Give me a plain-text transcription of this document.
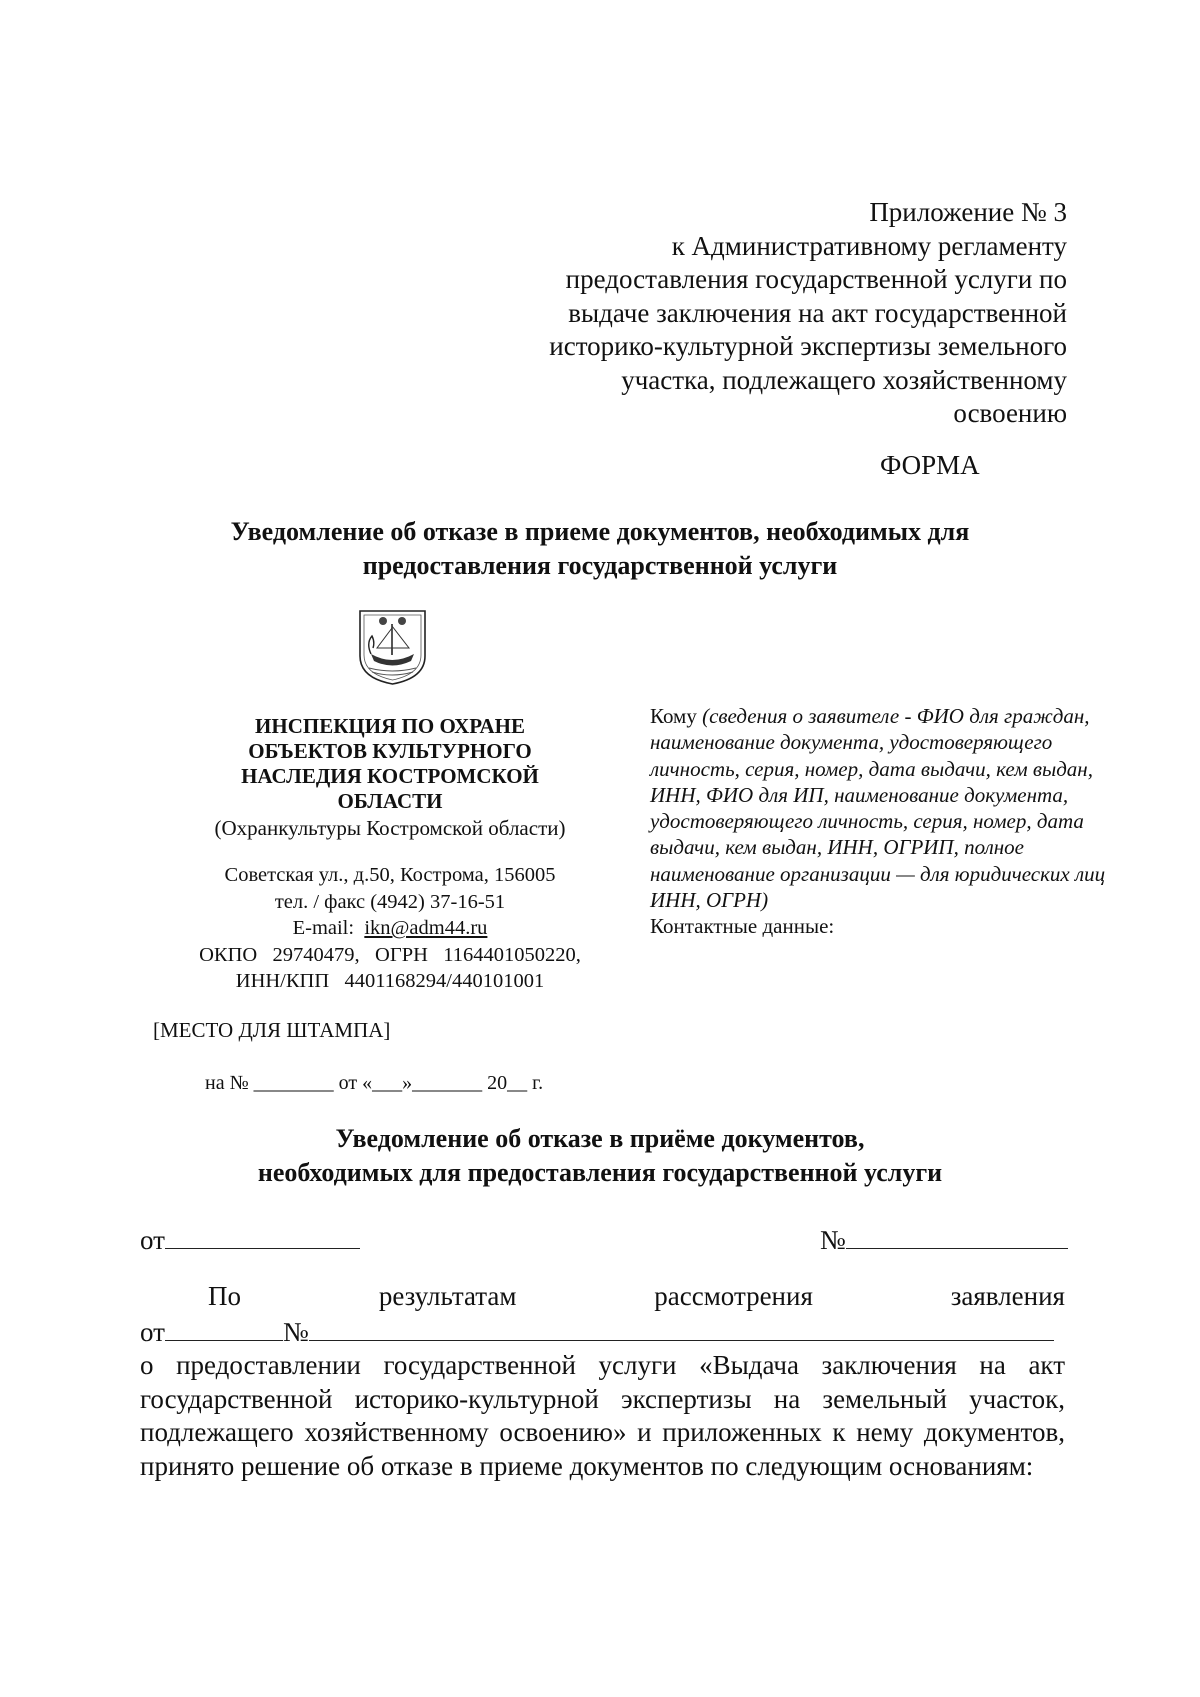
Приложение № 3
к Административному регламенту
предоставления государственной услуги по
выдаче заключения на акт государственной
историко-культурной экспертизы земельного
участка, подлежащего хозяйственному
освоению
ФОРМА
Уведомление об отказе в приеме документов, необходимых для
предоставления государственной услуги
ИНСПЕКЦИЯ ПО ОХРАНЕ
ОБЪЕКТОВ КУЛЬТУРНОГО
НАСЛЕДИЯ КОСТРОМСКОЙ
ОБЛАСТИ
(Охранкультуры Костромской области)
Советская ул., д.50, Кострома, 156005
тел. / факс (4942) 37-16-51
E-mail: ikn@adm44.ru
ОКПО   29740479,   ОГРН   1164401050220,
ИНН/КПП   4401168294/440101001
Кому (сведения о заявителе - ФИО для граждан, наименование документа, удостоверяющего личность, серия, номер, дата выдачи, кем выдан, ИНН, ФИО для ИП, наименование документа, удостоверяющего личность, серия, номер, дата выдачи, кем выдан, ИНН, ОГРИП, полное наименование организации — для юридических лиц ИНН, ОГРН)
Контактные данные:
[МЕСТО ДЛЯ ШТАМПА]
на № ________ от «___»_______ 20__ г.
Уведомление об отказе в приёме документов,
необходимых для предоставления государственной услуги
от	№
По	результатам	рассмотрения	заявления
от	№
о предоставлении государственной услуги «Выдача заключения на акт
государственной историко-культурной экспертизы на земельный участок,
подлежащего хозяйственному освоению» и приложенных к нему документов,
принято решение об отказе в приеме документов по следующим основаниям:
